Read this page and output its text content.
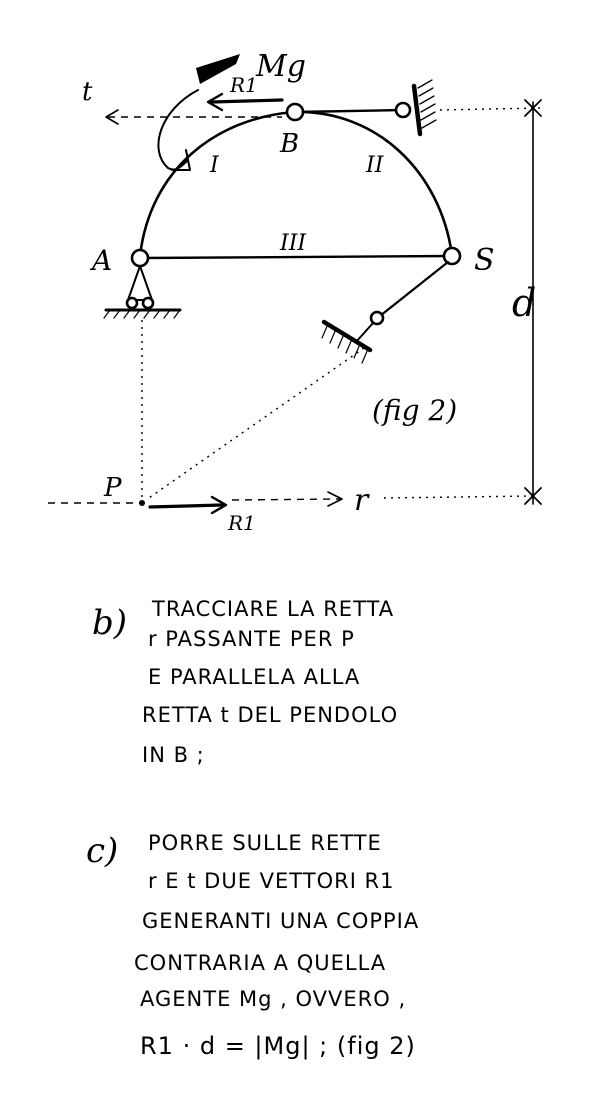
t
B
Mg
R1
I	II
III
A	S
r
P
R1
d
(fig 2)
b) TRACCIARE LA RETTA
r PASSANTE PER P
E PARALLELA ALLA
RETTA t DEL PENDOLO
IN B ;
c) PORRE SULLE RETTE
r E t DUE VETTORI R1
GENERANTI UNA COPPIA
CONTRARIA A QUELLA
AGENTE Mg , OVVERO ,
R1 · d = |Mg| ; (fig 2)
